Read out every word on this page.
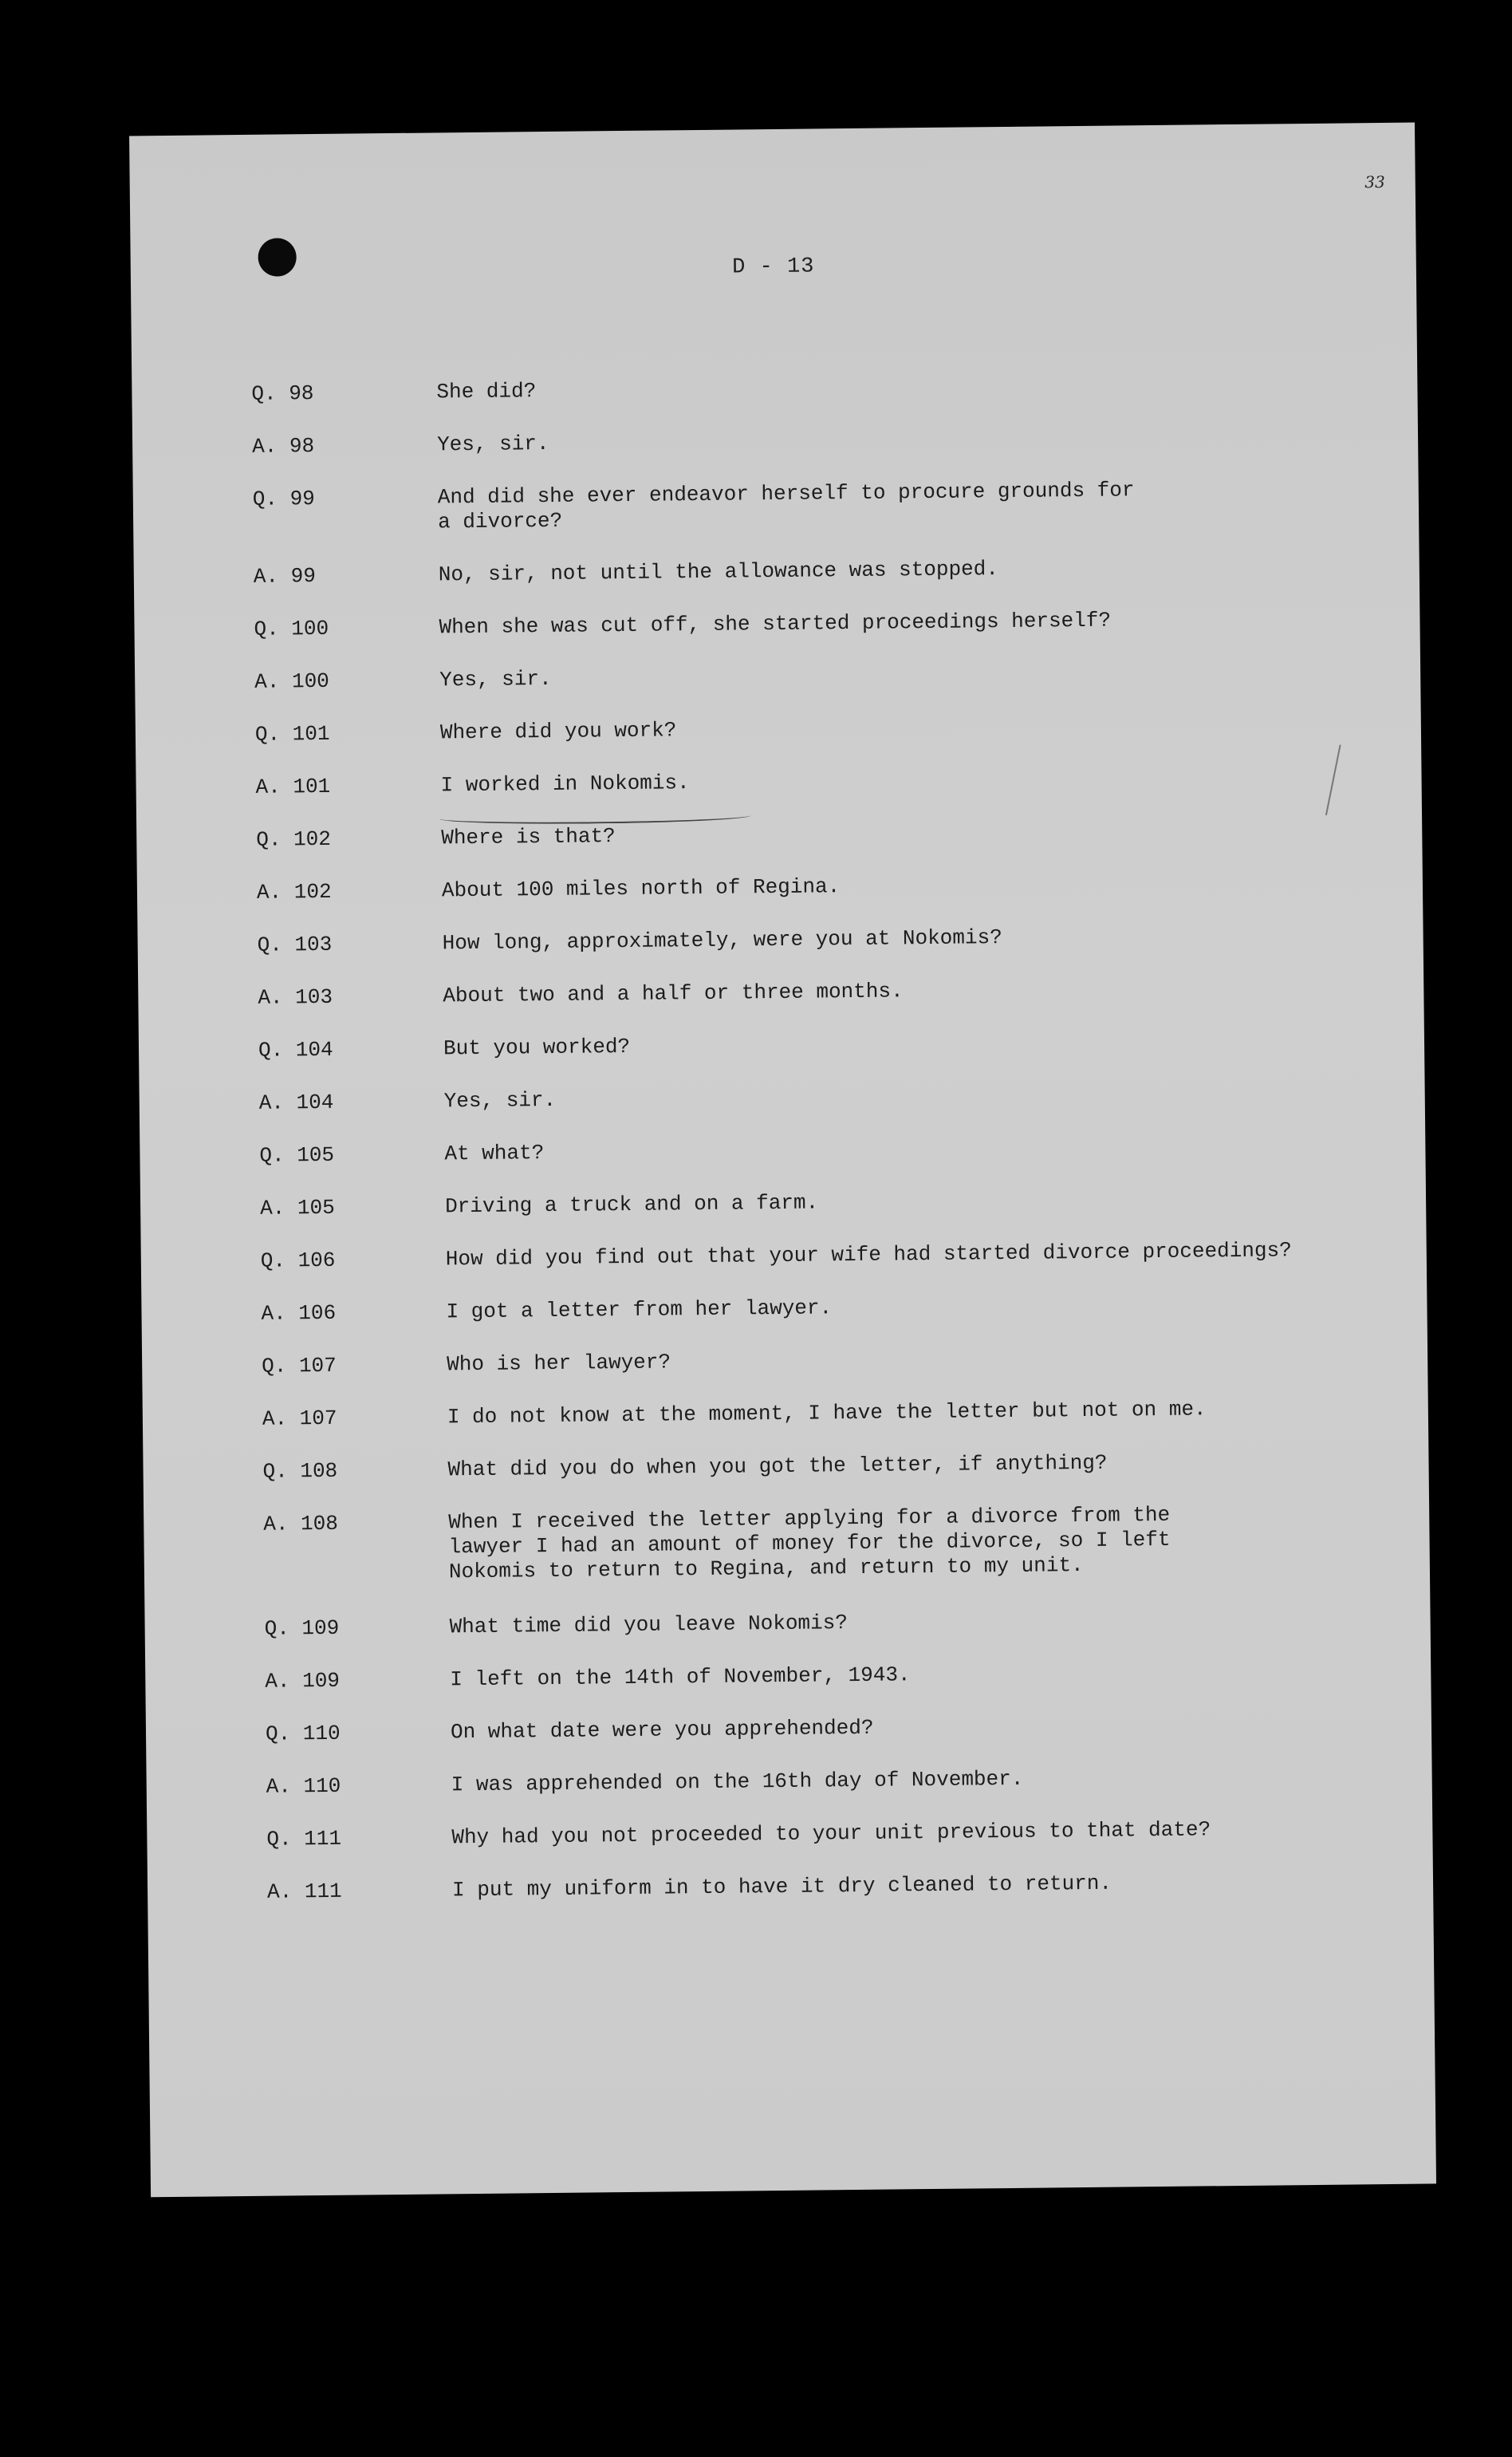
33
D - 13
Q. 98	She did?
A. 98	Yes, sir.
Q. 99	And did she ever endeavor herself to procure grounds for
a divorce?
A. 99	No, sir, not until the allowance was stopped.
Q. 100	When she was cut off, she started proceedings herself?
A. 100	Yes, sir.
Q. 101	Where did you work?
A. 101	I worked in Nokomis.
Q. 102	Where is that?
A. 102	About 100 miles north of Regina.
Q. 103	How long, approximately, were you at Nokomis?
A. 103	About two and a half or three months.
Q. 104	But you worked?
A. 104	Yes, sir.
Q. 105	At what?
A. 105	Driving a truck and on a farm.
Q. 106	How did you find out that your wife had started divorce proceedings?
A. 106	I got a letter from her lawyer.
Q. 107	Who is her lawyer?
A. 107	I do not know at the moment, I have the letter but not on me.
Q. 108	What did you do when you got the letter, if anything?
A. 108	When I received the letter applying for a divorce from the
lawyer I had an amount of money for the divorce, so I left
Nokomis to return to Regina, and return to my unit.
Q. 109	What time did you leave Nokomis?
A. 109	I left on the 14th of November, 1943.
Q. 110	On what date were you apprehended?
A. 110	I was apprehended on the 16th day of November.
Q. 111	Why had you not proceeded to your unit previous to that date?
A. 111	I put my uniform in to have it dry cleaned to return.
